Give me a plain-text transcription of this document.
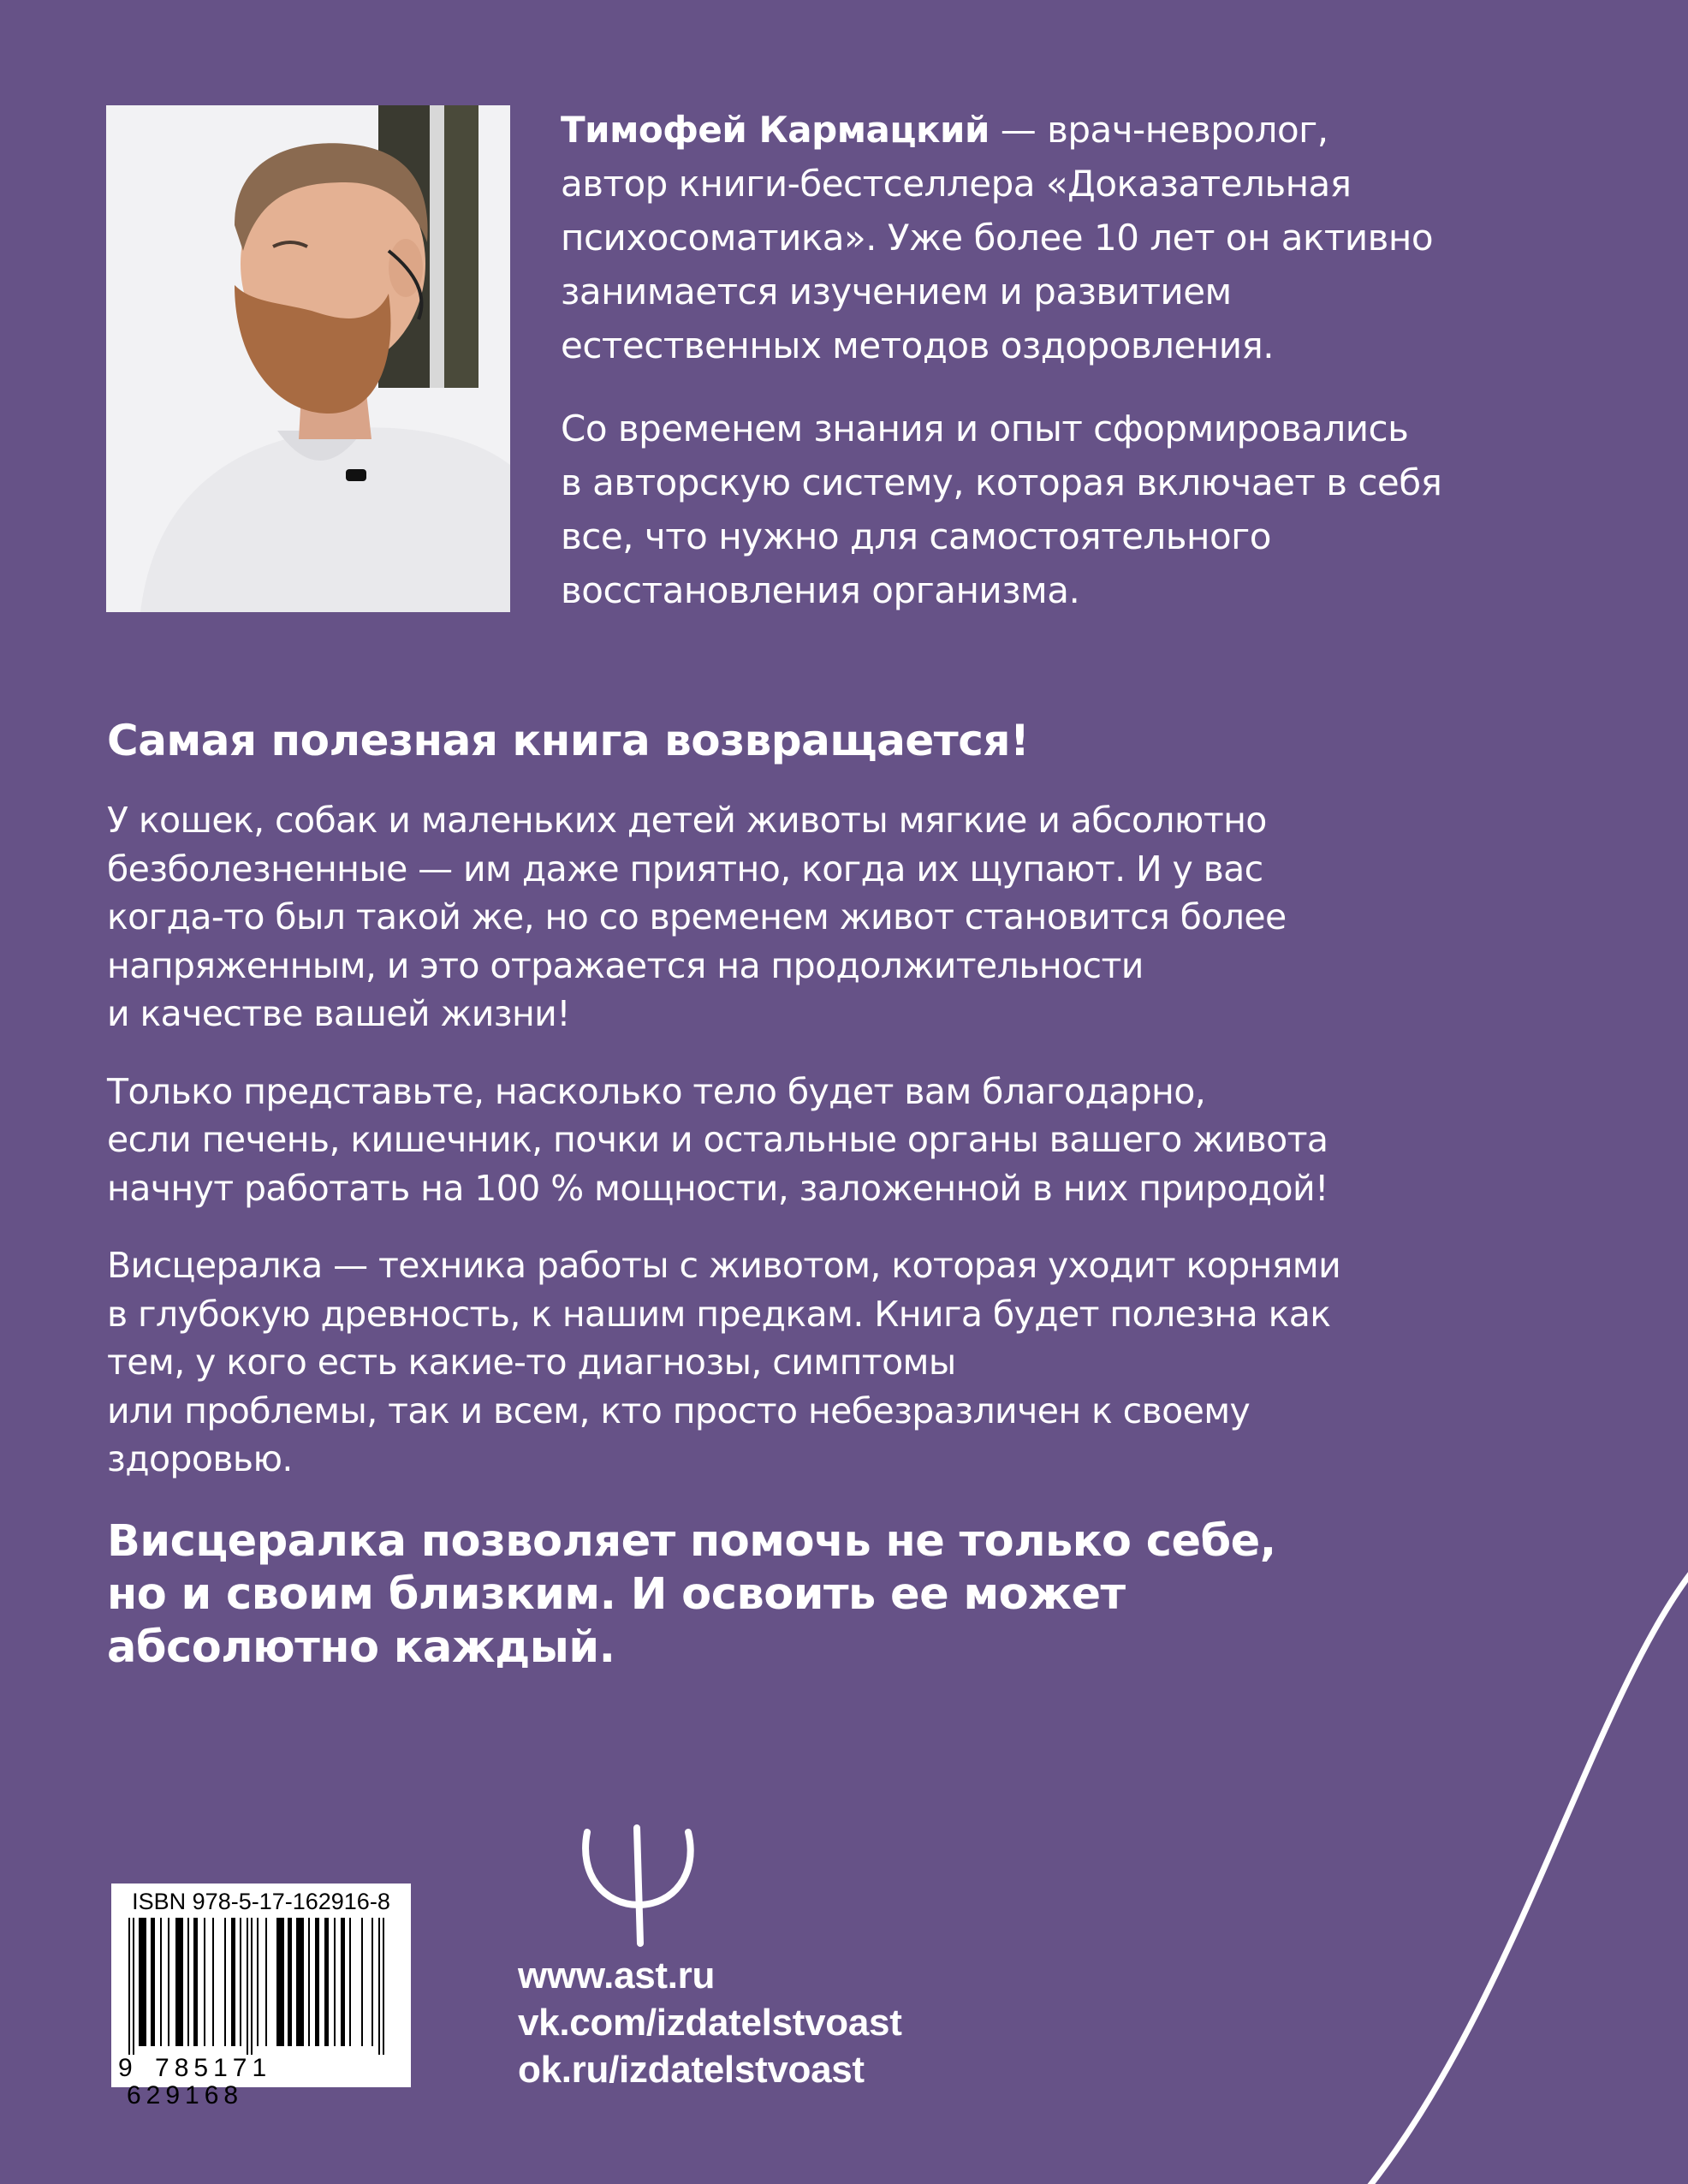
Тимофей Кармацкий — врач-невролог,
автор книги-бестселлера «Доказательная
психосоматика». Уже более 10 лет он активно
занимается изучением и развитием
естественных методов оздоровления.

Со временем знания и опыт сформировались
в авторскую систему, которая включает в себя
все, что нужно для самостоятельного
восстановления организма.

Самая полезная книга возвращается!

У кошек, собак и маленьких детей животы мягкие и абсолютно
безболезненные — им даже приятно, когда их щупают. И у вас
когда-то был такой же, но со временем живот становится более
напряженным, и это отражается на продолжительности
и качестве вашей жизни!

Только представьте, насколько тело будет вам благодарно,
если печень, кишечник, почки и остальные органы вашего живота
начнут работать на 100 % мощности, заложенной в них природой!

Висцералка — техника работы с животом, которая уходит корнями
в глубокую древность, к нашим предкам. Книга будет полезна как
тем, у кого есть какие-то диагнозы, симптомы
или проблемы, так и всем, кто просто небезразличен к своему
здоровью.

Висцералка позволяет помочь не только себе,
но и своим близким. И освоить ее может
абсолютно каждый.

ISBN 978-5-17-162916-8
9 785171 629168
www.ast.ru
vk.com/izdatelstvoast
ok.ru/izdatelstvoast
